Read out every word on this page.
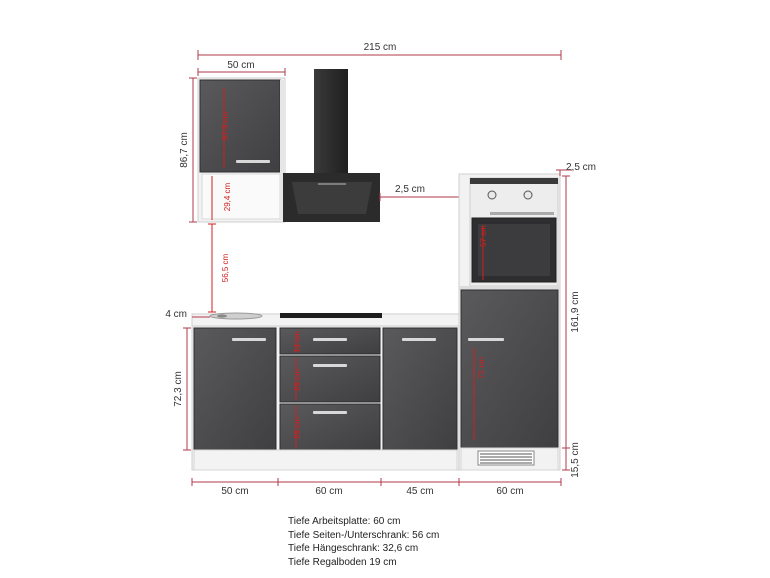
215 cm
50 cm
86,7 cm
57,3 cm
29,4 cm
56,5 cm
2,5 cm
57 cm
72 cm
2,5 cm
161,9 cm
15,5 cm
4 cm
14 cm
28 cm
28 cm
72,3 cm
50 cm	60 cm	45 cm	60 cm
Tiefe Arbeitsplatte: 60 cm
Tiefe Seiten-/Unterschrank: 56 cm
Tiefe Hängeschrank: 32,6 cm
Tiefe Regalboden 19 cm
